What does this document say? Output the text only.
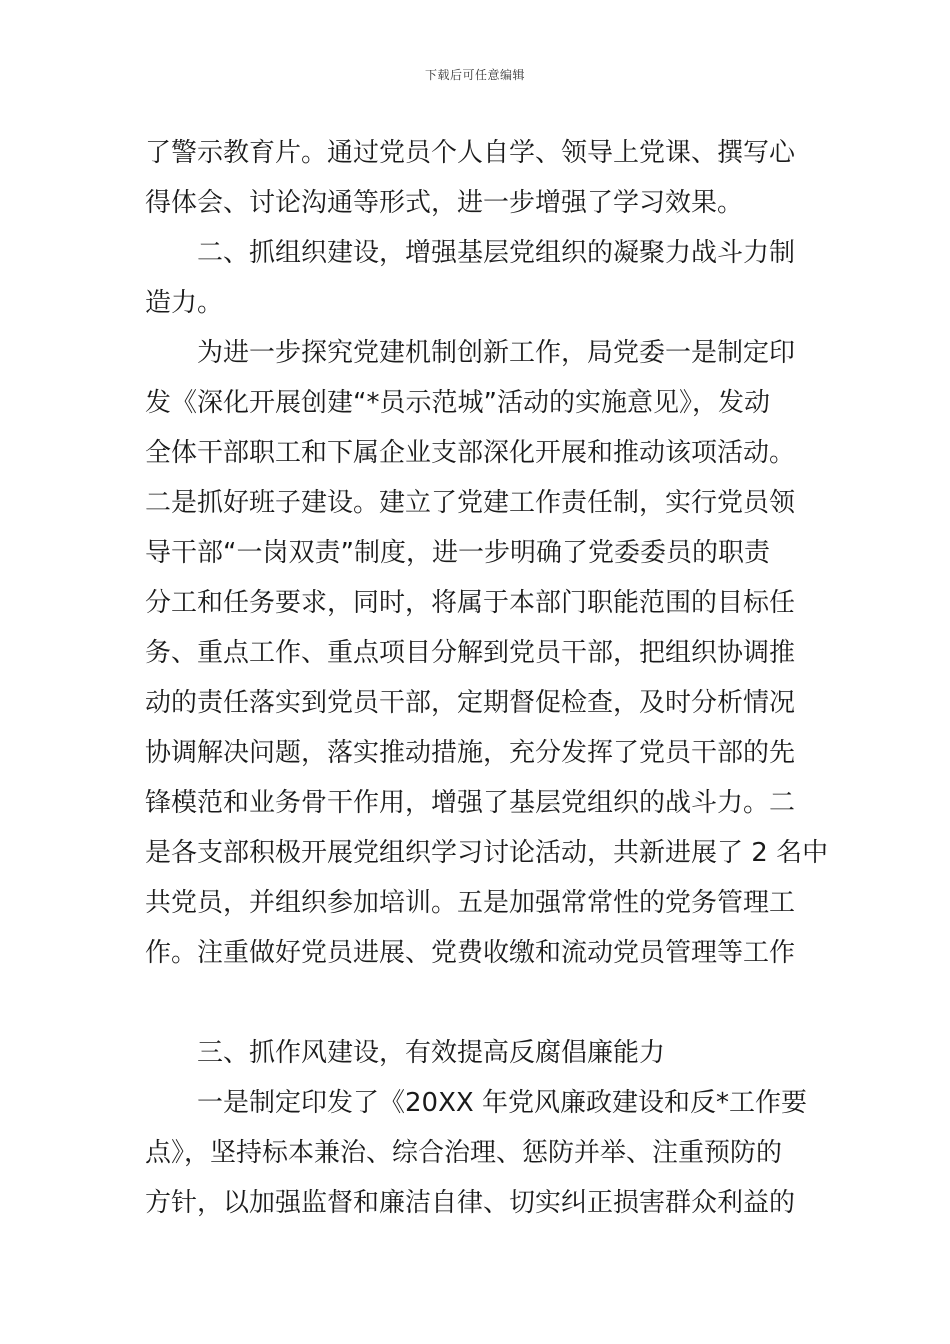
下载后可任意编辑
了警示教育片。通过党员个人自学、领导上党课、撰写心
得体会、讨论沟通等形式，进一步增强了学习效果。
二、抓组织建设，增强基层党组织的凝聚力战斗力制
造力。
为进一步探究党建机制创新工作，局党委一是制定印
发《深化开展创建“*员示范城”活动的实施意见》，发动
全体干部职工和下属企业支部深化开展和推动该项活动。
二是抓好班子建设。建立了党建工作责任制，实行党员领
导干部“一岗双责”制度，进一步明确了党委委员的职责
分工和任务要求，同时，将属于本部门职能范围的目标任
务、重点工作、重点项目分解到党员干部，把组织协调推
动的责任落实到党员干部，定期督促检查，及时分析情况
协调解决问题，落实推动措施，充分发挥了党员干部的先
锋模范和业务骨干作用，增强了基层党组织的战斗力。二
是各支部积极开展党组织学习讨论活动，共新进展了 2 名中
共党员，并组织参加培训。五是加强常常性的党务管理工
作。注重做好党员进展、党费收缴和流动党员管理等工作
三、抓作风建设，有效提高反腐倡廉能力
一是制定印发了《20XX 年党风廉政建设和反*工作要
点》，坚持标本兼治、综合治理、惩防并举、注重预防的
方针，以加强监督和廉洁自律、切实纠正损害群众利益的
